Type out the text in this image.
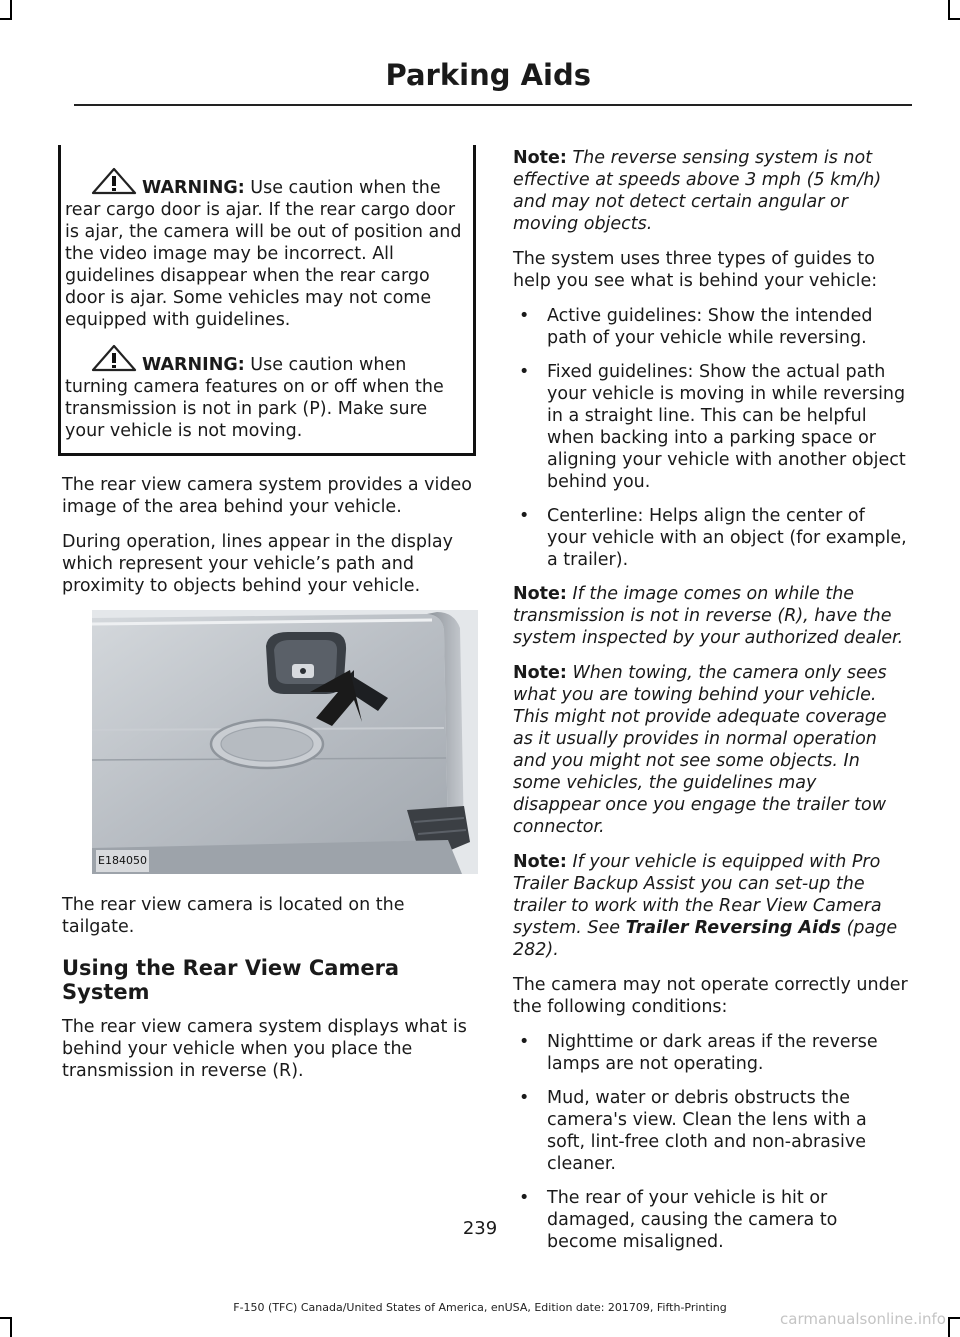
Parking Aids

WARNING: Use caution when the rear cargo door is ajar. If the rear cargo door is ajar, the camera will be out of position and the video image may be incorrect. All guidelines disappear when the rear cargo door is ajar. Some vehicles may not come equipped with guidelines.

WARNING: Use caution when turning camera features on or off when the transmission is not in park (P). Make sure your vehicle is not moving.

The rear view camera system provides a video image of the area behind your vehicle.

During operation, lines appear in the display which represent your vehicle’s path and proximity to objects behind your vehicle.

E184050

The rear view camera is located on the tailgate.

Using the Rear View Camera System

The rear view camera system displays what is behind your vehicle when you place the transmission in reverse (R).

Note: The reverse sensing system is not effective at speeds above 3 mph (5 km/h) and may not detect certain angular or moving objects.

The system uses three types of guides to help you see what is behind your vehicle:

• Active guidelines: Show the intended path of your vehicle while reversing.
• Fixed guidelines: Show the actual path your vehicle is moving in while reversing in a straight line. This can be helpful when backing into a parking space or aligning your vehicle with another object behind you.
• Centerline: Helps align the center of your vehicle with an object (for example, a trailer).

Note: If the image comes on while the transmission is not in reverse (R), have the system inspected by your authorized dealer.

Note: When towing, the camera only sees what you are towing behind your vehicle. This might not provide adequate coverage as it usually provides in normal operation and you might not see some objects. In some vehicles, the guidelines may disappear once you engage the trailer tow connector.

Note: If your vehicle is equipped with Pro Trailer Backup Assist you can set-up the trailer to work with the Rear View Camera system. See Trailer Reversing Aids (page 282).

The camera may not operate correctly under the following conditions:

• Nighttime or dark areas if the reverse lamps are not operating.
• Mud, water or debris obstructs the camera's view. Clean the lens with a soft, lint-free cloth and non-abrasive cleaner.
• The rear of your vehicle is hit or damaged, causing the camera to become misaligned.
239
F-150 (TFC) Canada/United States of America, enUSA, Edition date: 201709, Fifth-Printing
carmanualsonline.info
